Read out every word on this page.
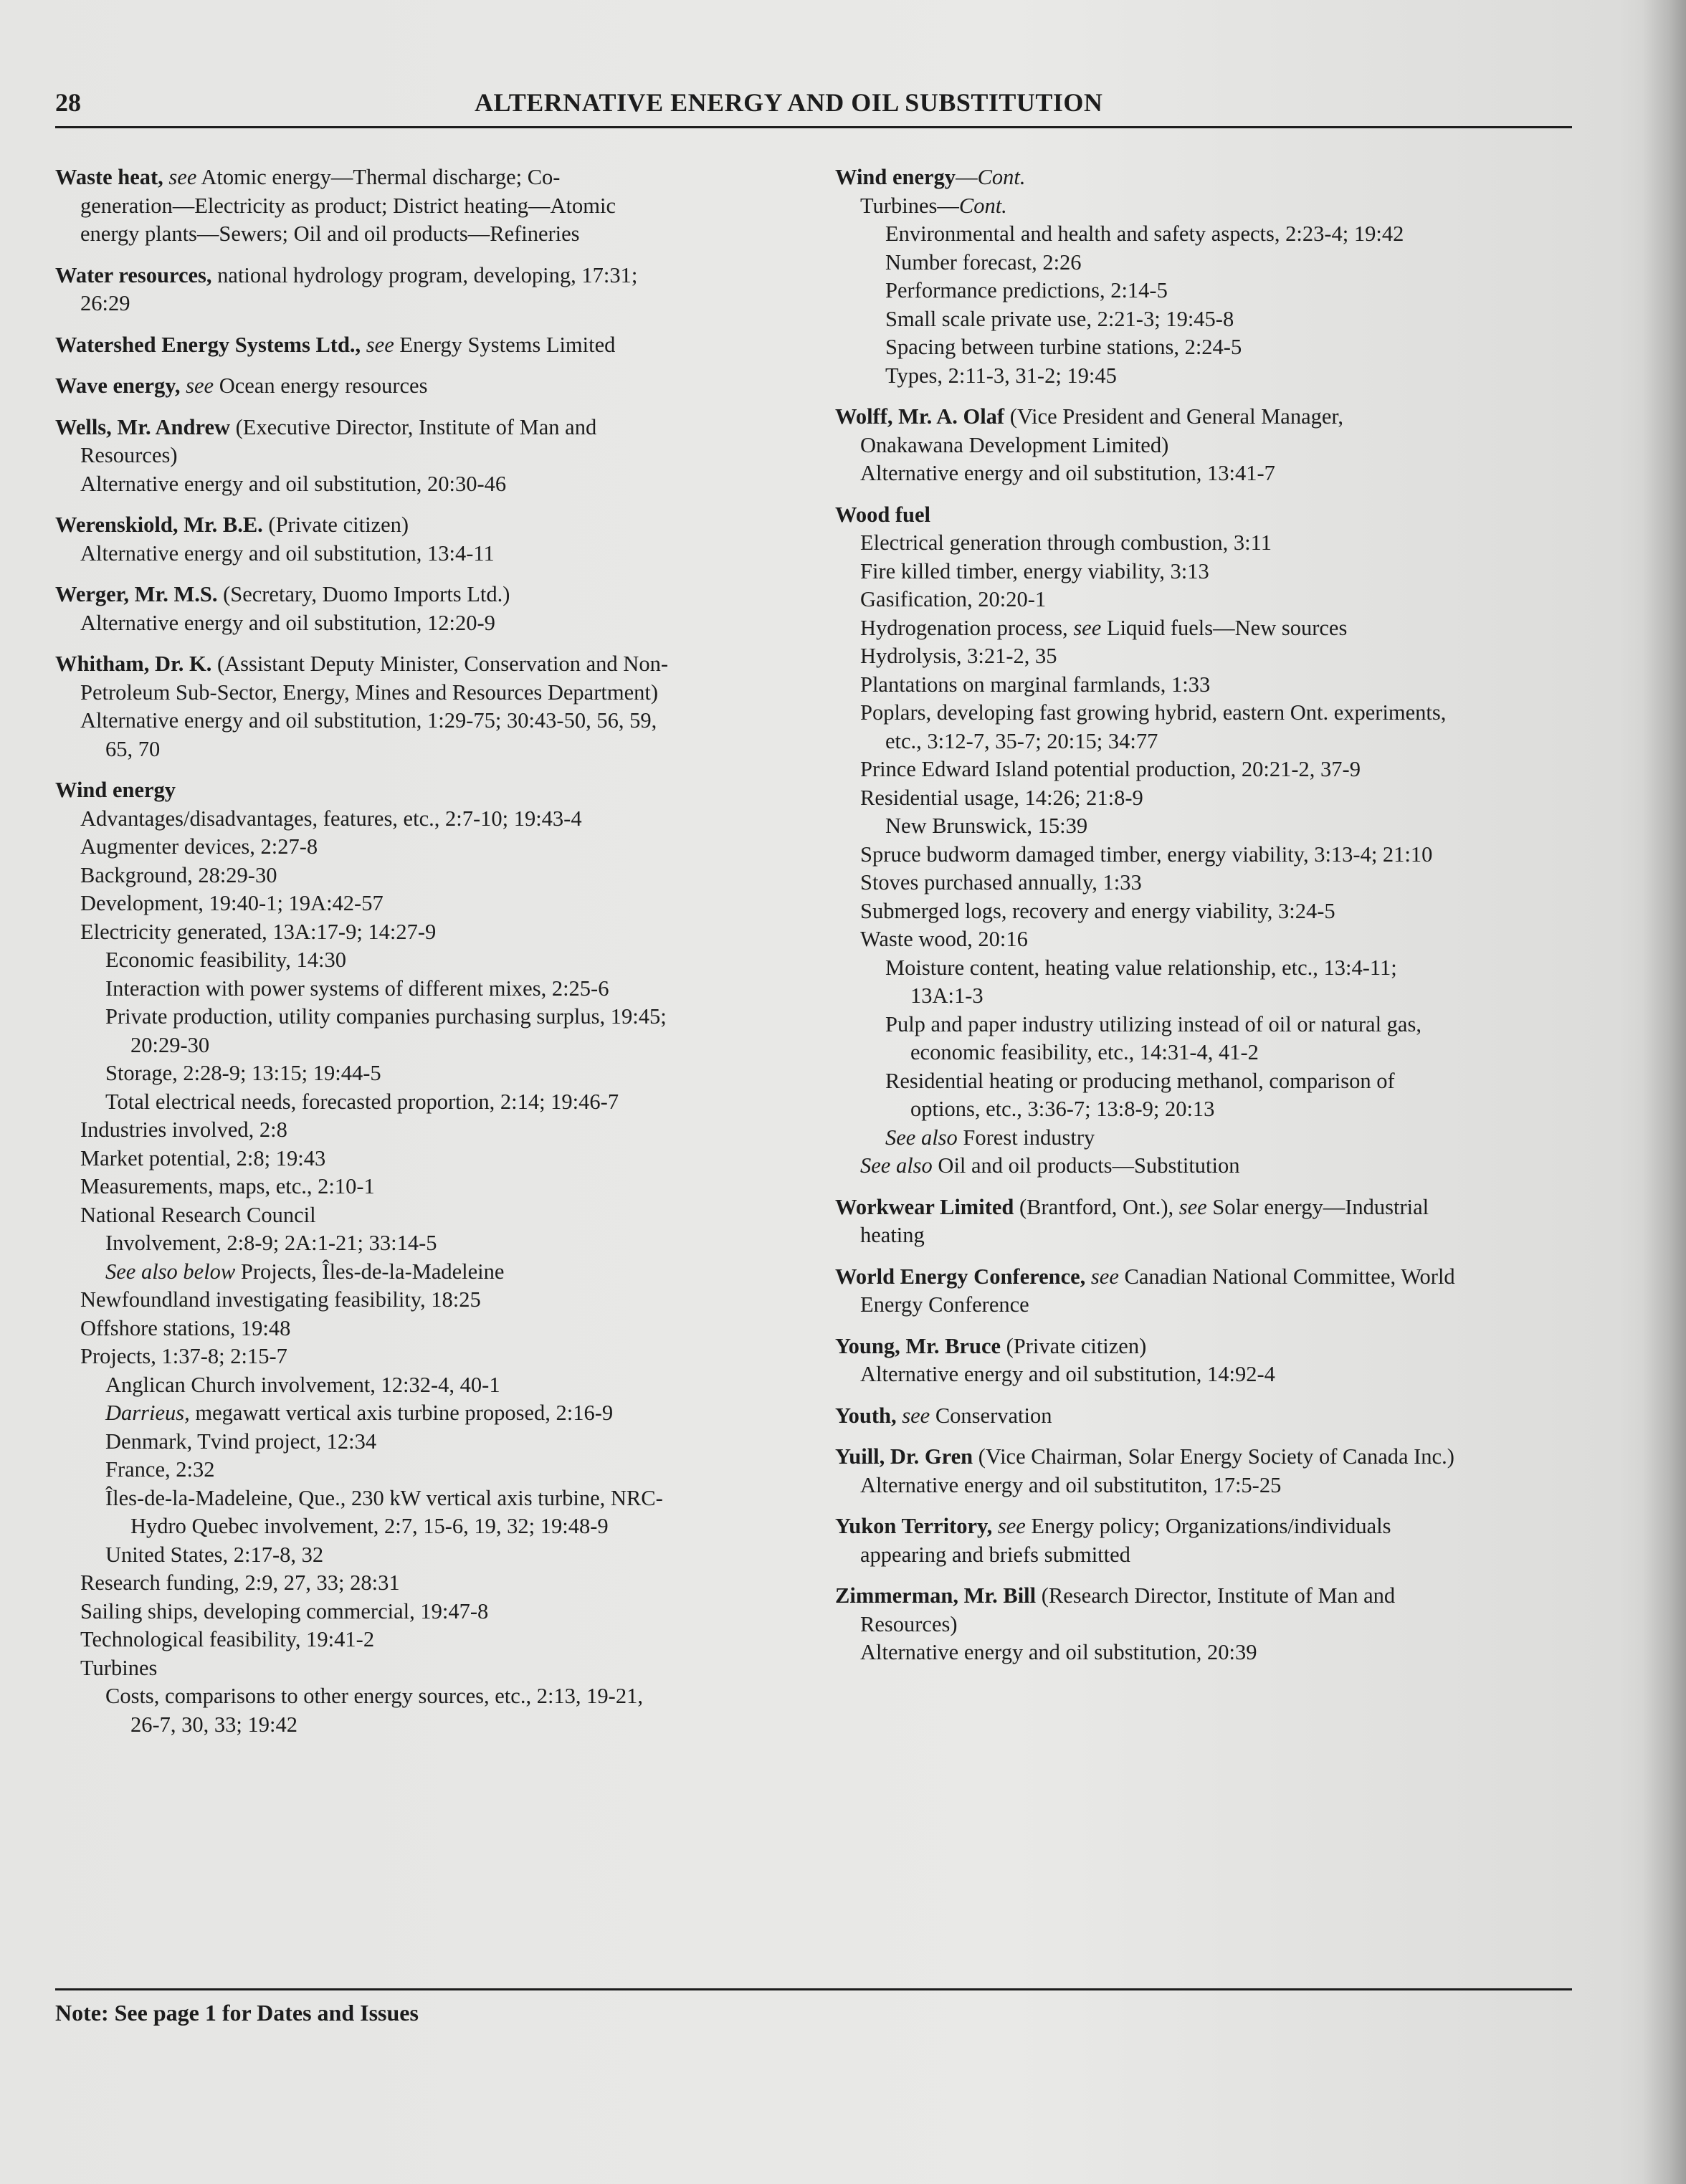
28	ALTERNATIVE ENERGY AND OIL SUBSTITUTION
Waste heat, see Atomic energy—Thermal discharge; Co-
generation—Electricity as product; District heating—Atomic
energy plants—Sewers; Oil and oil products—Refineries
Water resources, national hydrology program, developing, 17:31;
26:29
Watershed Energy Systems Ltd., see Energy Systems Limited
Wave energy, see Ocean energy resources
Wells, Mr. Andrew (Executive Director, Institute of Man and
Resources)
Alternative energy and oil substitution, 20:30-46
Werenskiold, Mr. B.E. (Private citizen)
Alternative energy and oil substitution, 13:4-11
Werger, Mr. M.S. (Secretary, Duomo Imports Ltd.)
Alternative energy and oil substitution, 12:20-9
Whitham, Dr. K. (Assistant Deputy Minister, Conservation and Non-
Petroleum Sub-Sector, Energy, Mines and Resources Department)
Alternative energy and oil substitution, 1:29-75; 30:43-50, 56, 59,
65, 70
Wind energy
Advantages/disadvantages, features, etc., 2:7-10; 19:43-4
Augmenter devices, 2:27-8
Background, 28:29-30
Development, 19:40-1; 19A:42-57
Electricity generated, 13A:17-9; 14:27-9
Economic feasibility, 14:30
Interaction with power systems of different mixes, 2:25-6
Private production, utility companies purchasing surplus, 19:45;
20:29-30
Storage, 2:28-9; 13:15; 19:44-5
Total electrical needs, forecasted proportion, 2:14; 19:46-7
Industries involved, 2:8
Market potential, 2:8; 19:43
Measurements, maps, etc., 2:10-1
National Research Council
Involvement, 2:8-9; 2A:1-21; 33:14-5
See also below Projects, Îles-de-la-Madeleine
Newfoundland investigating feasibility, 18:25
Offshore stations, 19:48
Projects, 1:37-8; 2:15-7
Anglican Church involvement, 12:32-4, 40-1
Darrieus, megawatt vertical axis turbine proposed, 2:16-9
Denmark, Tvind project, 12:34
France, 2:32
Îles-de-la-Madeleine, Que., 230 kW vertical axis turbine, NRC-
Hydro Quebec involvement, 2:7, 15-6, 19, 32; 19:48-9
United States, 2:17-8, 32
Research funding, 2:9, 27, 33; 28:31
Sailing ships, developing commercial, 19:47-8
Technological feasibility, 19:41-2
Turbines
Costs, comparisons to other energy sources, etc., 2:13, 19-21,
26-7, 30, 33; 19:42
Wind energy—Cont.
Turbines—Cont.
Environmental and health and safety aspects, 2:23-4; 19:42
Number forecast, 2:26
Performance predictions, 2:14-5
Small scale private use, 2:21-3; 19:45-8
Spacing between turbine stations, 2:24-5
Types, 2:11-3, 31-2; 19:45
Wolff, Mr. A. Olaf (Vice President and General Manager,
Onakawana Development Limited)
Alternative energy and oil substitution, 13:41-7
Wood fuel
Electrical generation through combustion, 3:11
Fire killed timber, energy viability, 3:13
Gasification, 20:20-1
Hydrogenation process, see Liquid fuels—New sources
Hydrolysis, 3:21-2, 35
Plantations on marginal farmlands, 1:33
Poplars, developing fast growing hybrid, eastern Ont. experiments,
etc., 3:12-7, 35-7; 20:15; 34:77
Prince Edward Island potential production, 20:21-2, 37-9
Residential usage, 14:26; 21:8-9
New Brunswick, 15:39
Spruce budworm damaged timber, energy viability, 3:13-4; 21:10
Stoves purchased annually, 1:33
Submerged logs, recovery and energy viability, 3:24-5
Waste wood, 20:16
Moisture content, heating value relationship, etc., 13:4-11;
13A:1-3
Pulp and paper industry utilizing instead of oil or natural gas,
economic feasibility, etc., 14:31-4, 41-2
Residential heating or producing methanol, comparison of
options, etc., 3:36-7; 13:8-9; 20:13
See also Forest industry
See also Oil and oil products—Substitution
Workwear Limited (Brantford, Ont.), see Solar energy—Industrial
heating
World Energy Conference, see Canadian National Committee, World
Energy Conference
Young, Mr. Bruce (Private citizen)
Alternative energy and oil substitution, 14:92-4
Youth, see Conservation
Yuill, Dr. Gren (Vice Chairman, Solar Energy Society of Canada Inc.)
Alternative energy and oil substitutiton, 17:5-25
Yukon Territory, see Energy policy; Organizations/individuals
appearing and briefs submitted
Zimmerman, Mr. Bill (Research Director, Institute of Man and
Resources)
Alternative energy and oil substitution, 20:39
Note: See page 1 for Dates and Issues
